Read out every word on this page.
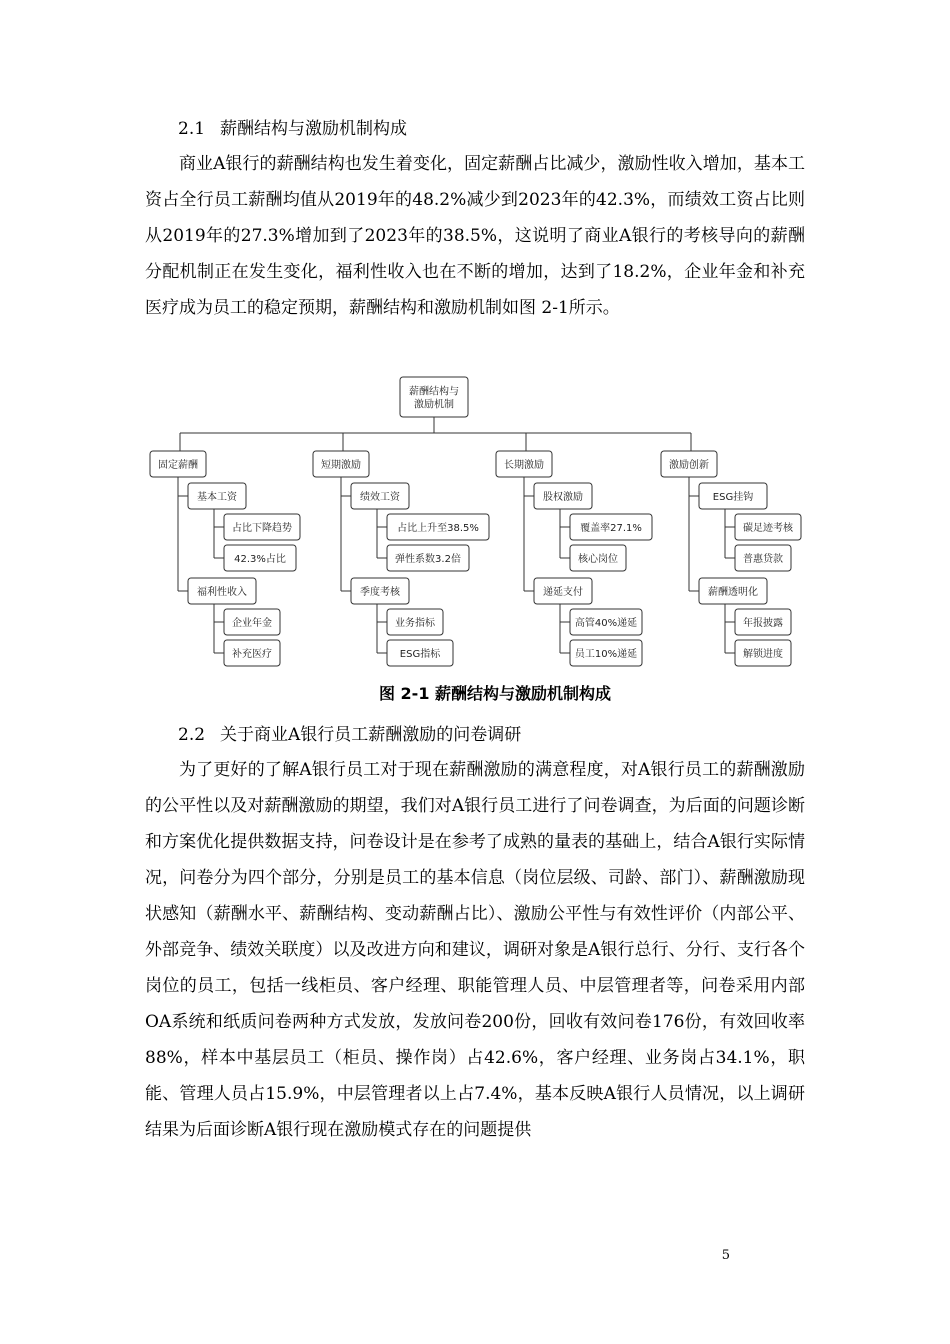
2.1 薪酬结构与激励机制构成

商业A银行的薪酬结构也发生着变化，固定薪酬占比减少，激励性收入增加，基本工资占全行员工薪酬均值从2019年的48.2%减少到2023年的42.3%，而绩效工资占比则从2019年的27.3%增加到了2023年的38.5%，这说明了商业A银行的考核导向的薪酬分配机制正在发生变化，福利性收入也在不断的增加，达到了18.2%，企业年金和补充医疗成为员工的稳定预期，薪酬结构和激励机制如图 2-1所示。

薪酬结构与
激励机制
固定薪酬
基本工资
占比下降趋势
42.3%占比
福利性收入
企业年金
补充医疗
短期激励
绩效工资
占比上升至38.5%
弹性系数3.2倍
季度考核
业务指标
ESG指标
长期激励
股权激励
覆盖率27.1%
核心岗位
递延支付
高管40%递延
员工10%递延
激励创新
ESG挂钩
碳足迹考核
普惠贷款
薪酬透明化
年报披露
解锁进度
图 2-1 薪酬结构与激励机制构成
2.2 关于商业A银行员工薪酬激励的问卷调研

为了更好的了解A银行员工对于现在薪酬激励的满意程度，对A银行员工的薪酬激励的公平性以及对薪酬激励的期望，我们对A银行员工进行了问卷调查，为后面的问题诊断和方案优化提供数据支持，问卷设计是在参考了成熟的量表的基础上，结合A银行实际情况，问卷分为四个部分，分别是员工的基本信息（岗位层级、司龄、部门）、薪酬激励现状感知（薪酬水平、薪酬结构、变动薪酬占比）、激励公平性与有效性评价（内部公平、外部竞争、绩效关联度）以及改进方向和建议，调研对象是A银行总行、分行、支行各个岗位的员工，包括一线柜员、客户经理、职能管理人员、中层管理者等，问卷采用内部OA系统和纸质问卷两种方式发放，发放问卷200份，回收有效问卷176份，有效回收率88%，样本中基层员工（柜员、操作岗）占42.6%，客户经理、业务岗占34.1%，职能、管理人员占15.9%，中层管理者以上占7.4%，基本反映A银行人员情况，以上调研结果为后面诊断A银行现在激励模式存在的问题提供

5
